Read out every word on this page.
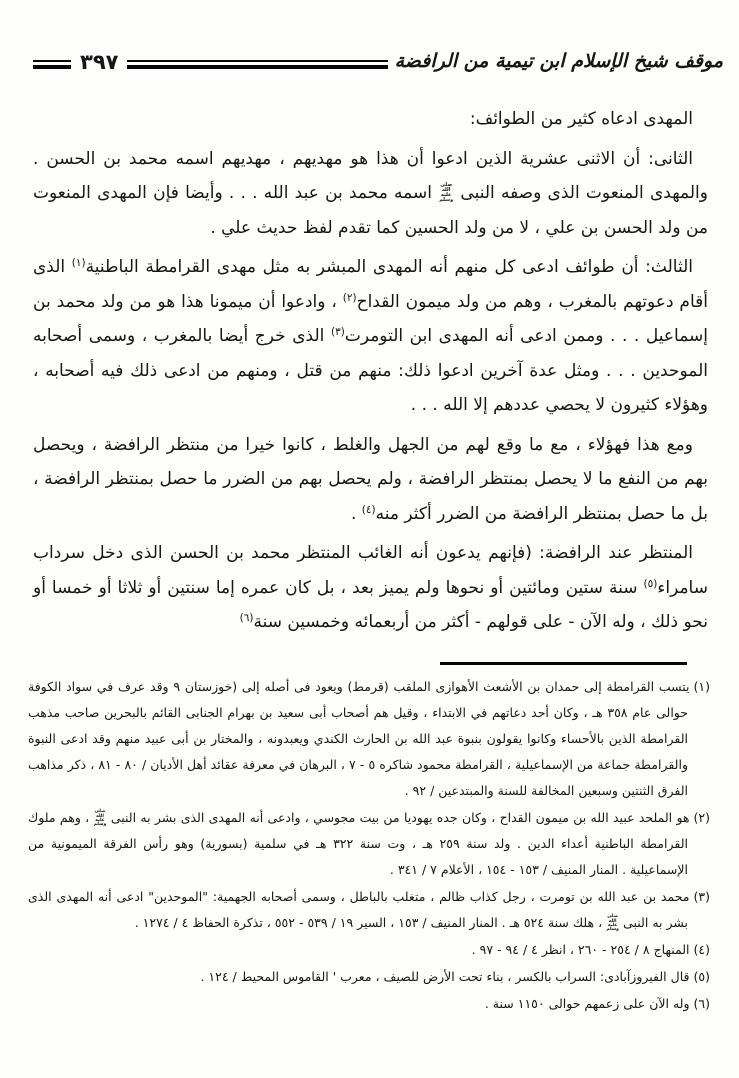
٣٩٧	موقف شيخ الإسلام ابن تيمية من الرافضة

المهدى ادعاه كثير من الطوائف:

الثانى: أن الاثنى عشرية الذين ادعوا أن هذا هو مهديهم ، مهديهم اسمه محمد بن الحسن . والمهدى المنعوت الذى وصفه النبى صلى الله عليه وسلم اسمه محمد بن عبد الله . . . وأيضا فإن المهدى المنعوت من ولد الحسن بن علي ، لا من ولد الحسين كما تقدم لفظ حديث علي .

الثالث: أن طوائف ادعى كل منهم أنه المهدى المبشر به مثل مهدى القرامطة الباطنية$^{(١)}$ الذى أقام دعوتهم بالمغرب ، وهم من ولد ميمون القداح$^{(٢)}$ ، وادعوا أن ميمونا هذا هو من ولد محمد بن إسماعيل . . . وممن ادعى أنه المهدى ابن التومرت$^{(٣)}$ الذى خرج أيضا بالمغرب ، وسمى أصحابه الموحدين . . . ومثل عدة آخرين ادعوا ذلك: منهم من قتل ، ومنهم من ادعى ذلك فيه أصحابه ، وهؤلاء كثيرون لا يحصي عددهم إلا الله . . .

ومع هذا فهؤلاء ، مع ما وقع لهم من الجهل والغلط ، كانوا خيرا من منتظر الرافضة ، ويحصل بهم من النفع ما لا يحصل بمنتظر الرافضة ، ولم يحصل بهم من الضرر ما حصل بمنتظر الرافضة ، بل ما حصل بمنتظر الرافضة من الضرر أكثر منه$^{(٤)}$ .

المنتظر عند الرافضة: (فإنهم يدعون أنه الغائب المنتظر محمد بن الحسن الذى دخل سرداب سامراء$^{(٥)}$ سنة ستين ومائتين أو نحوها ولم يميز بعد ، بل كان عمره إما سنتين أو ثلاثا أو خمسا أو نحو ذلك ، وله الآن - على قولهم - أكثر من أربعمائه وخمسين سنة$^{(٦)}$

(١)يتسب القرامطة إلى حمدان بن الأشعث الأهوازى الملقب (قرمط) ويعود فى أصله إلى (خوزستان ٩ وقد عرف في سواد الكوفة حوالى عام ٣٥٨ هـ ، وكان أحد دعاتهم في الابتداء ، وقيل هم أصحاب أبى سعيد بن بهرام الجنابى القائم بالبحرين صاحب مذهب القرامطة الذين بالأحساء وكانوا يقولون بنبوة عبد الله بن الحارث الكندي ويعبدونه ، والمختار بن أبى عبيد منهم وقد ادعى النبوة والقرامطة جماعة من الإسماعيلية ، القرامطة محمود شاكره ٥ - ٧ ، البرهان في معرفة عقائد أهل الأديان / ٨٠ - ٨١ ، ذكر مذاهب الفرق الثنتين وسبعين المخالفة للسنة والمبتدعين / ٩٢ .

(٢)هو الملحد عبيد الله بن ميمون القداح ، وكان جده يهوديا من بيت مجوسي ، وادعى أنه المهدى الذى بشر به النبى صلى الله عليه وسلم ، وهم ملوك القرامطة الباطنية أعداء الدين . ولد سنة ٢٥٩ هـ ، وت سنة ٣٢٢ هـ في سلمية (بسورية) وهو رأس الفرقة الميمونية من الإسماعيلية . المنار المنيف / ١٥٣ - ١٥٤ ، الأعلام ٧ / ٣٤١ .

(٣)محمد بن عبد الله بن تومرت ، رجل كذاب ظالم ، متغلب بالباطل ، وسمى أصحابه الجهمية: "الموحدين" ادعى أنه المهدى الذى بشر به النبى صلى الله عليه وسلم ، هلك سنة ٥٢٤ هـ . المنار المنيف / ١٥٣ ، السير ١٩ / ٥٣٩ - ٥٥٢ ، تذكرة الحفاظ ٤ / ١٢٧٤ .

(٤)المنهاج ٨ / ٢٥٤ - ٢٦٠ ، انظر ٤ / ٩٤ - ٩٧ .

(٥)قال الفيروزآبادى: السراب بالكسر ، بناء تحت الأرض للصيف ، معرب ' القاموس المحيط / ١٢٤ .

(٦)وله الآن على زعمهم حوالى ١١٥٠ سنة .
